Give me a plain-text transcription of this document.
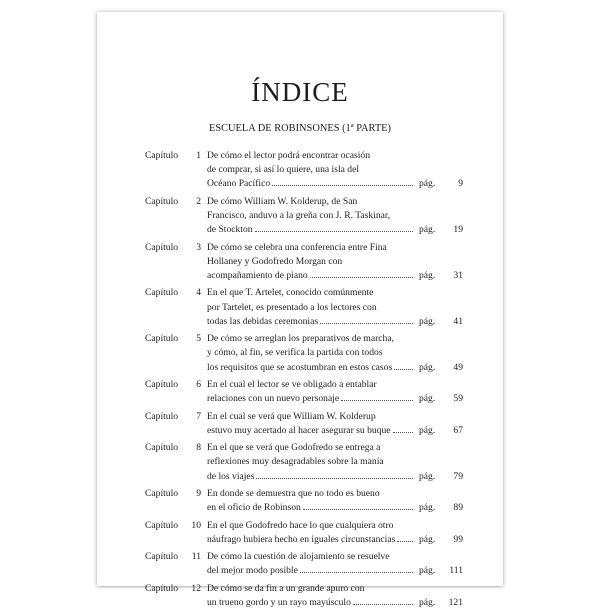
ÍNDICE

ESCUELA DE ROBINSONES (1ª PARTE)

Capítulo	1 De cómo el lector podrá encontrar ocasión
de comprar, si así lo quiere, una isla del
Océano Pacífico	pág.	9
Capítulo	2 De cómo William W. Kolderup, de San
Francisco, anduvo a la greña con J. R. Taskinar,
de Stockton	pág.	19
Capítulo	3 De cómo se celebra una conferencia entre Fina
Hollaney y Godofredo Morgan con
acompañamiento de piano	pág.	31
Capítulo	4 En el que T. Artelet, conocido comúnmente
por Tartelet, es presentado a los lectores con
todas las debidas ceremonias	pág.	41
Capítulo	5 De cómo se arreglan los preparativos de marcha,
y cómo, al fin, se verifica la partida con todos
los requisitos que se acostumbran en estos casos	pág.	49
Capítulo	6 En el cual el lector se ve obligado a entablar
relaciones con un nuevo personaje	pág.	59
Capítulo	7 En el cual se verá que William W. Kolderup
estuvo muy acertado al hacer asegurar su buque	pág.	67
Capítulo	8 En el que se verá que Godofredo se entrega a
reflexiones muy desagradables sobre la manía
de los viajes	pág.	79
Capítulo	9 En donde se demuestra que no todo es bueno
en el oficio de Robinson	pág.	89
Capítulo 10 En el que Godofredo hace lo que cualquiera otro
náufrago hubiera hecho en iguales circunstancias pág.	99
Capítulo 11 De cómo la cuestión de alojamiento se resuelve
del mejor modo posible	pág.	111
Capítulo 12 De cómo se da fin a un grande apuro con
un trueno gordo y un rayo mayúsculo	pág.	121
